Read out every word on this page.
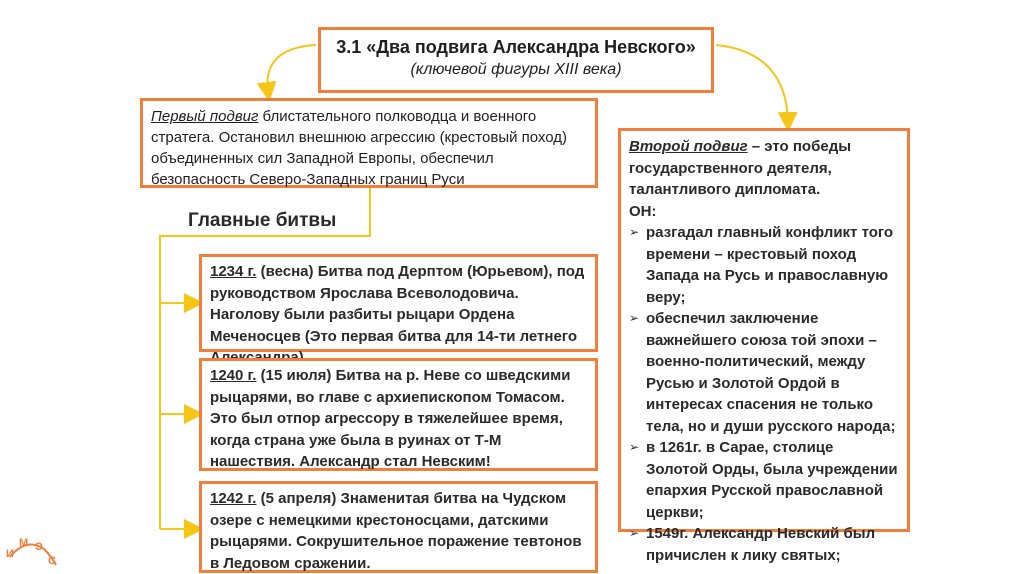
3.1 «Два подвига Александра Невского»
(ключевой фигуры XIII века)
Первый подвиг блистательного полководца и военного стратега. Остановил внешнюю агрессию (крестовый поход) объединенных сил Западной Европы, обеспечил безопасность Северо-Западных границ Руси
Главные битвы
1234 г. (весна) Битва под Дерптом (Юрьевом), под руководством Ярослава Всеволодовича. Наголову были разбиты рыцари Ордена Меченосцев (Это первая битва для 14-ти летнего
1240 г. (15 июля) Битва на р. Неве со шведскими рыцарями, во главе с архиепископом Томасом. Это был отпор агрессору в тяжелейшее время, когда страна уже была в руинах от Т-М нашествия. Александр стал Невским!
1242 г. (5 апреля) Знаменитая битва на Чудском озере с немецкими крестоносцами, датскими рыцарями. Сокрушительное поражение тевтонов в Ледовом сражении.
Второй подвиг – это победы государственного деятеля, талантливого дипломата.
ОН:
➢ разгадал главный конфликт того времени – крестовый поход Запада на Русь и православную веру;
➢ обеспечил заключение важнейшего союза той эпохи – военно-политический, между Русью и Золотой Ордой в интересах спасения не только тела, но и души русского народа;
➢ в 1261г. в Сарае, столице Золотой Орды, была учреждении епархия Русской православной церкви;
➢ 1549г. Александр Невский был причислен к лику святых;
И
М Э
С
